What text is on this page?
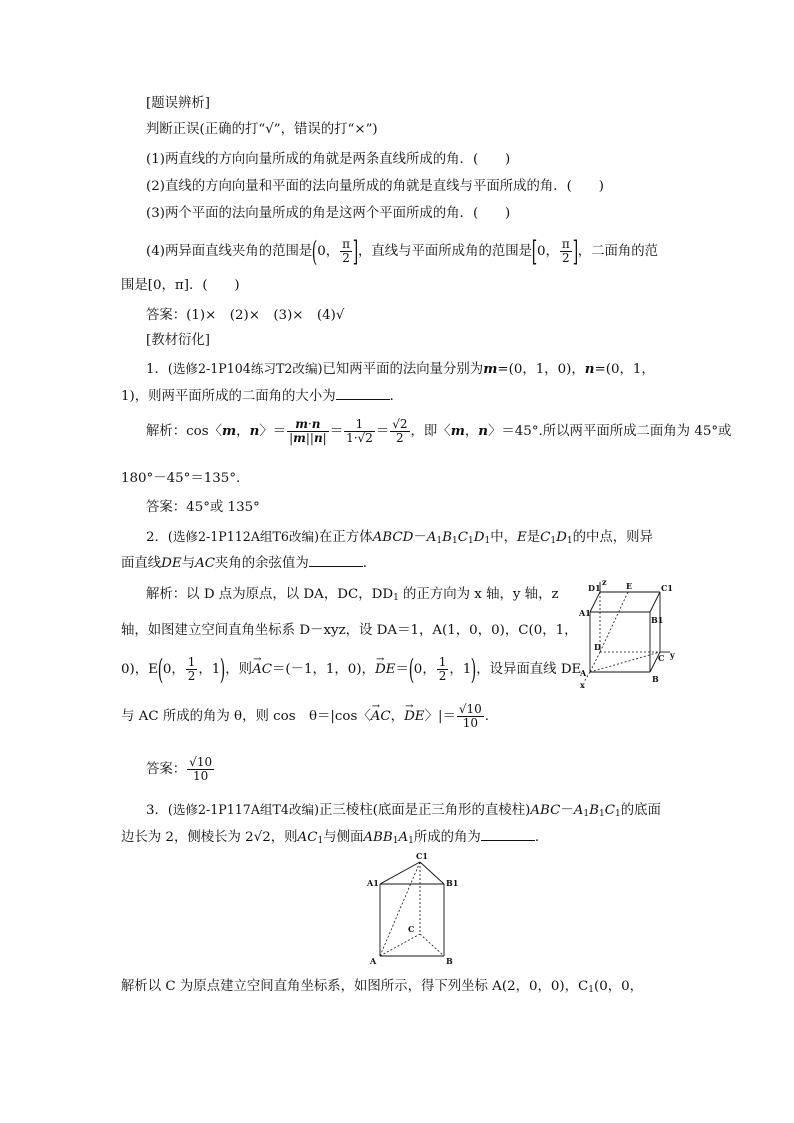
[题误辨析]
判断正误(正确的打“√”，错误的打“×”)
(1)两直线的方向向量所成的角就是两条直线所成的角．(　　)
(2)直线的方向向量和平面的法向量所成的角就是直线与平面所成的角．(　　)
(3)两个平面的法向量所成的角是这两个平面所成的角．(　　)
(4)两异面直线夹角的范围是(0， $\frac{\pi}{2}$ ]，直线与平面所成角的范围是[0， $\frac{\pi}{2}$ ]，二面角的范
围是[0，π]．(　　)
答案：(1)×　(2)×　(3)×　(4)√
[教材衍化]
1．(选修2-1P104练习T2改编)已知两平面的法向量分别为m=(0，1，0)，n=(0，1，
1)，则两平面所成的二面角的大小为	．
解析：cos〈m，n〉＝ $\frac{m\cdot n}{|m||n|} = \frac{1}{1\cdot√2} = \frac{√2}{2}$ ，即〈m，n〉＝45°.所以两平面所成二面角为 45°或
180°－45°＝135°.
答案：45°或 135°
2．(选修2-1P112A组T6改编)在正方体$ABCD-A_1B_1C_1D_1$中，E是$C_1D_1$的中点，则异
面直线DE与AC夹角的余弦值为	．
解析：以 D 点为原点，以 DA，DC，$DD_1$ 的正方向为 x 轴，y 轴，z
轴，如图建立空间直角坐标系 D－xyz，设 DA＝1，A(1，0，0)，C(0，1，
0)，E(0， $\frac{1}{2}$ ，1)，则→ AC＝(－1，1，0)，→ DE＝(0， $\frac{1}{2}$ ，1)，设异面直线 DE
与 AC 所成的角为 θ，则 cos　θ＝|cos〈→ AC，→ DE〉|＝ $\frac{√10}{10}$ .
答案： $\frac{√10}{10}$
3．(选修2-1P117A组T4改编)正三棱柱(底面是正三角形的直棱柱)$ABC-A_1B_1C_1$的底面
边长为 2，侧棱长为 2√2，则$AC_1$与侧面$ABB_1A_1$所成的角为	．
解析以 C 为原点建立空间直角坐标系，如图所示，得下列坐标 A(2，0，0)，$C_1(0$，0，
D1	E	C1
A1
B1
z
D
C y
A
B
x
C1
A1	B1
C
A	B
